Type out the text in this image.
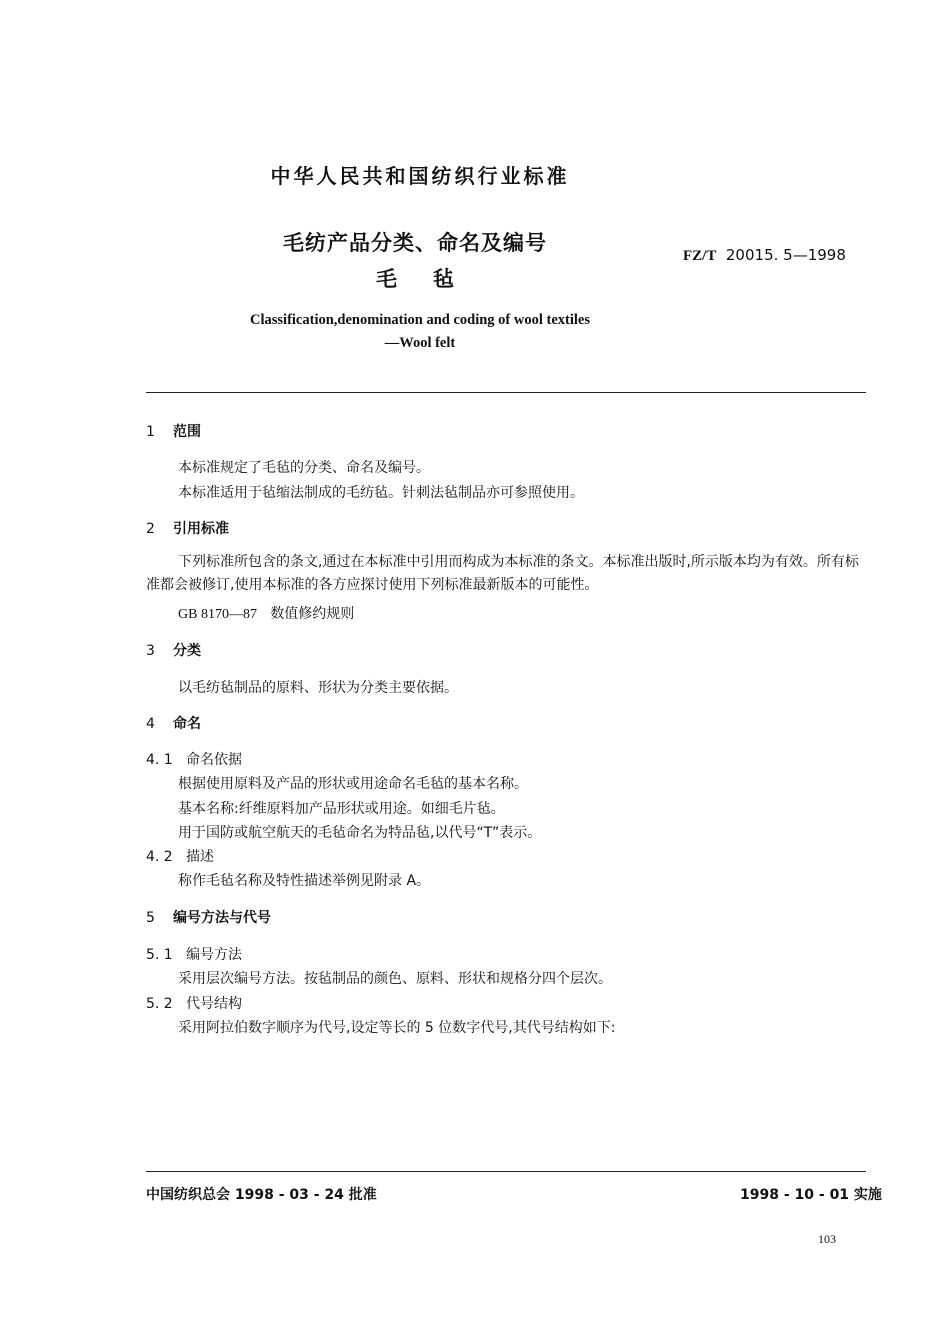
中华人民共和国纺织行业标准
毛纺产品分类、命名及编号
毛毡
FZ/T 20015. 5—1998
Classification,denomination and coding of wool textiles
—Wool felt
1 范围
本标准规定了毛毡的分类、命名及编号。
本标准适用于毡缩法制成的毛纺毡。针刺法毡制品亦可参照使用。
2 引用标准
下列标准所包含的条文,通过在本标准中引用而构成为本标准的条文。本标准出版时,所示版本均为有效。所有标准都会被修订,使用本标准的各方应探讨使用下列标准最新版本的可能性。
GB 8170—87 数值修约规则
3 分类
以毛纺毡制品的原料、形状为分类主要依据。
4 命名
4. 1 命名依据
根据使用原料及产品的形状或用途命名毛毡的基本名称。
基本名称:纤维原料加产品形状或用途。如细毛片毡。
用于国防或航空航天的毛毡命名为特品毡,以代号“T”表示。
4. 2 描述
称作毛毡名称及特性描述举例见附录 A。
5 编号方法与代号
5. 1 编号方法
采用层次编号方法。按毡制品的颜色、原料、形状和规格分四个层次。
5. 2 代号结构
采用阿拉伯数字顺序为代号,设定等长的 5 位数字代号,其代号结构如下:
中国纺织总会 1998 - 03 - 24 批准	1998 - 10 - 01 实施
103
